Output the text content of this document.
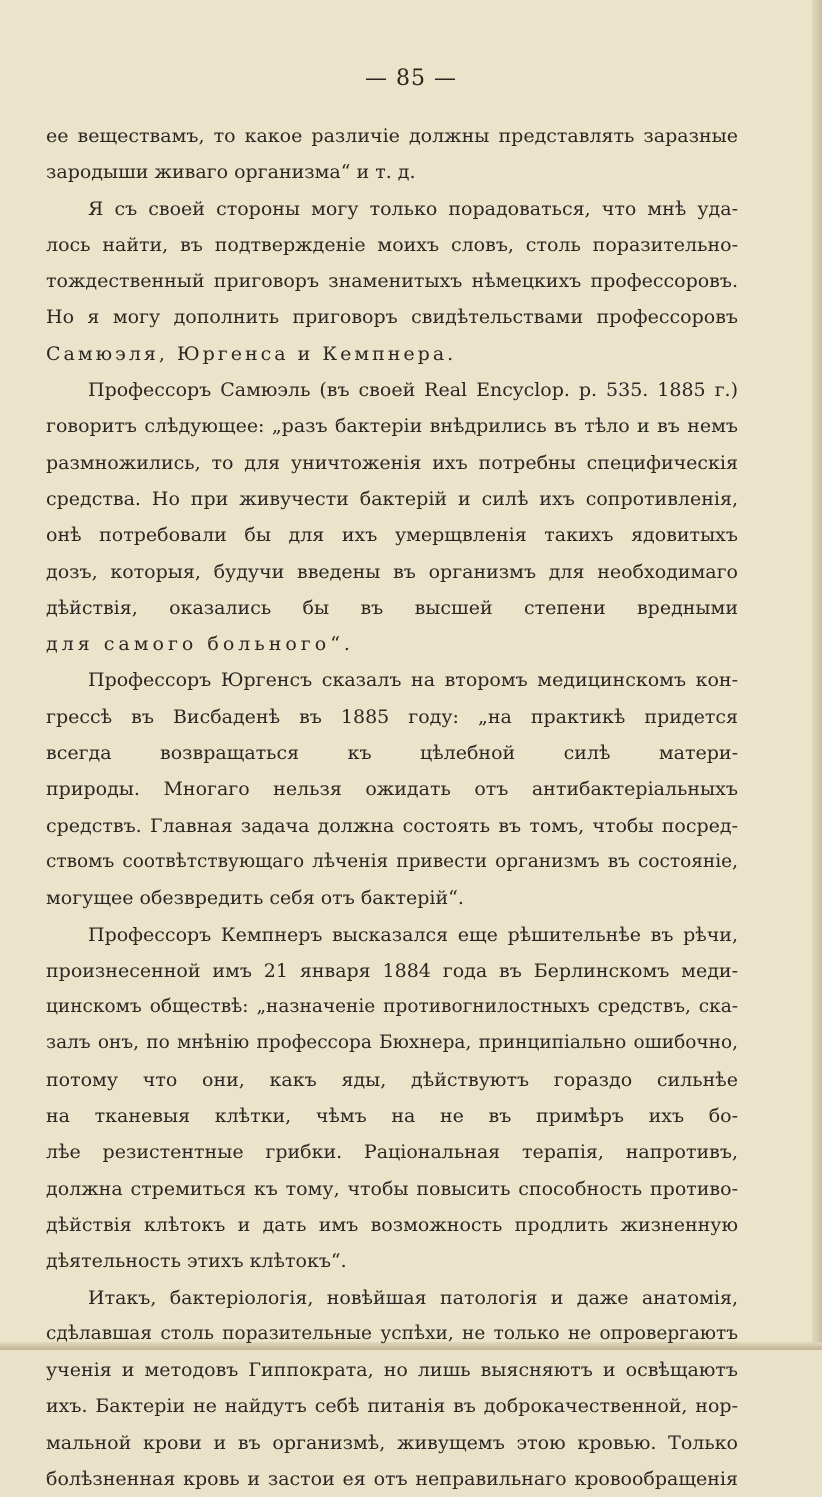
— 85 —
ее веществамъ, то какое различіе должны представлять заразные
зародыши живаго организма“ и т. д.
Я съ своей стороны могу только порадоваться, что мнѣ уда-
лось найти, въ подтвержденіе моихъ словъ, столь поразительно-
тождественный приговоръ знаменитыхъ нѣмецкихъ профессоровъ.
Но я могу дополнить приговоръ свидѣтельствами профессоровъ
Самюэля, Юргенса и Кемпнера.
Профессоръ Самюэль (въ своей Real Encyclop. p. 535. 1885 г.)
говоритъ слѣдующее: „разъ бактеріи внѣдрились въ тѣло и въ немъ
размножились, то для уничтоженія ихъ потребны специфическія
средства. Но при живучести бактерій и силѣ ихъ сопротивленія,
онѣ потребовали бы для ихъ умерщвленія такихъ ядовитыхъ
дозъ, которыя, будучи введены въ организмъ для необходимаго
дѣйствія, оказались бы въ высшей степени вредными
для самого больного“.
Профессоръ Юргенсъ сказалъ на второмъ медицинскомъ кон-
грессѣ въ Висбаденѣ въ 1885 году: „на практикѣ придется
всегда возвращаться къ цѣлебной силѣ матери-
природы. Многаго нельзя ожидать отъ антибактеріальныхъ
средствъ. Главная задача должна состоять въ томъ, чтобы посред-
ствомъ соотвѣтствующаго лѣченія привести организмъ въ состояніе,
могущее обезвредить себя отъ бактерій“.
Профессоръ Кемпнеръ высказался еще рѣшительнѣе въ рѣчи,
произнесенной имъ 21 января 1884 года въ Берлинскомъ меди-
цинскомъ обществѣ: „назначеніе противогнилостныхъ средствъ, ска-
залъ онъ, по мнѣнію профессора Бюхнера, принципіально ошибочно,
потому что они, какъ яды, дѣйствуютъ гораздо сильнѣе
на тканевыя клѣтки, чѣмъ на не въ примѣръ ихъ бо-
лѣе резистентные грибки. Раціональная терапія, напротивъ,
должна стремиться къ тому, чтобы повысить способность противо-
дѣйствія клѣтокъ и дать имъ возможность продлить жизненную
дѣятельность этихъ клѣтокъ“.
Итакъ, бактеріологія, новѣйшая патологія и даже анатомія,
сдѣлавшая столь поразительные успѣхи, не только не опровергаютъ
ученія и методовъ Гиппократа, но лишь выясняютъ и освѣщаютъ
ихъ. Бактеріи не найдутъ себѣ питанія въ доброкачественной, нор-
мальной крови и въ организмѣ, живущемъ этою кровью. Только
болѣзненная кровь и застои ея отъ неправильнаго кровообращенія
